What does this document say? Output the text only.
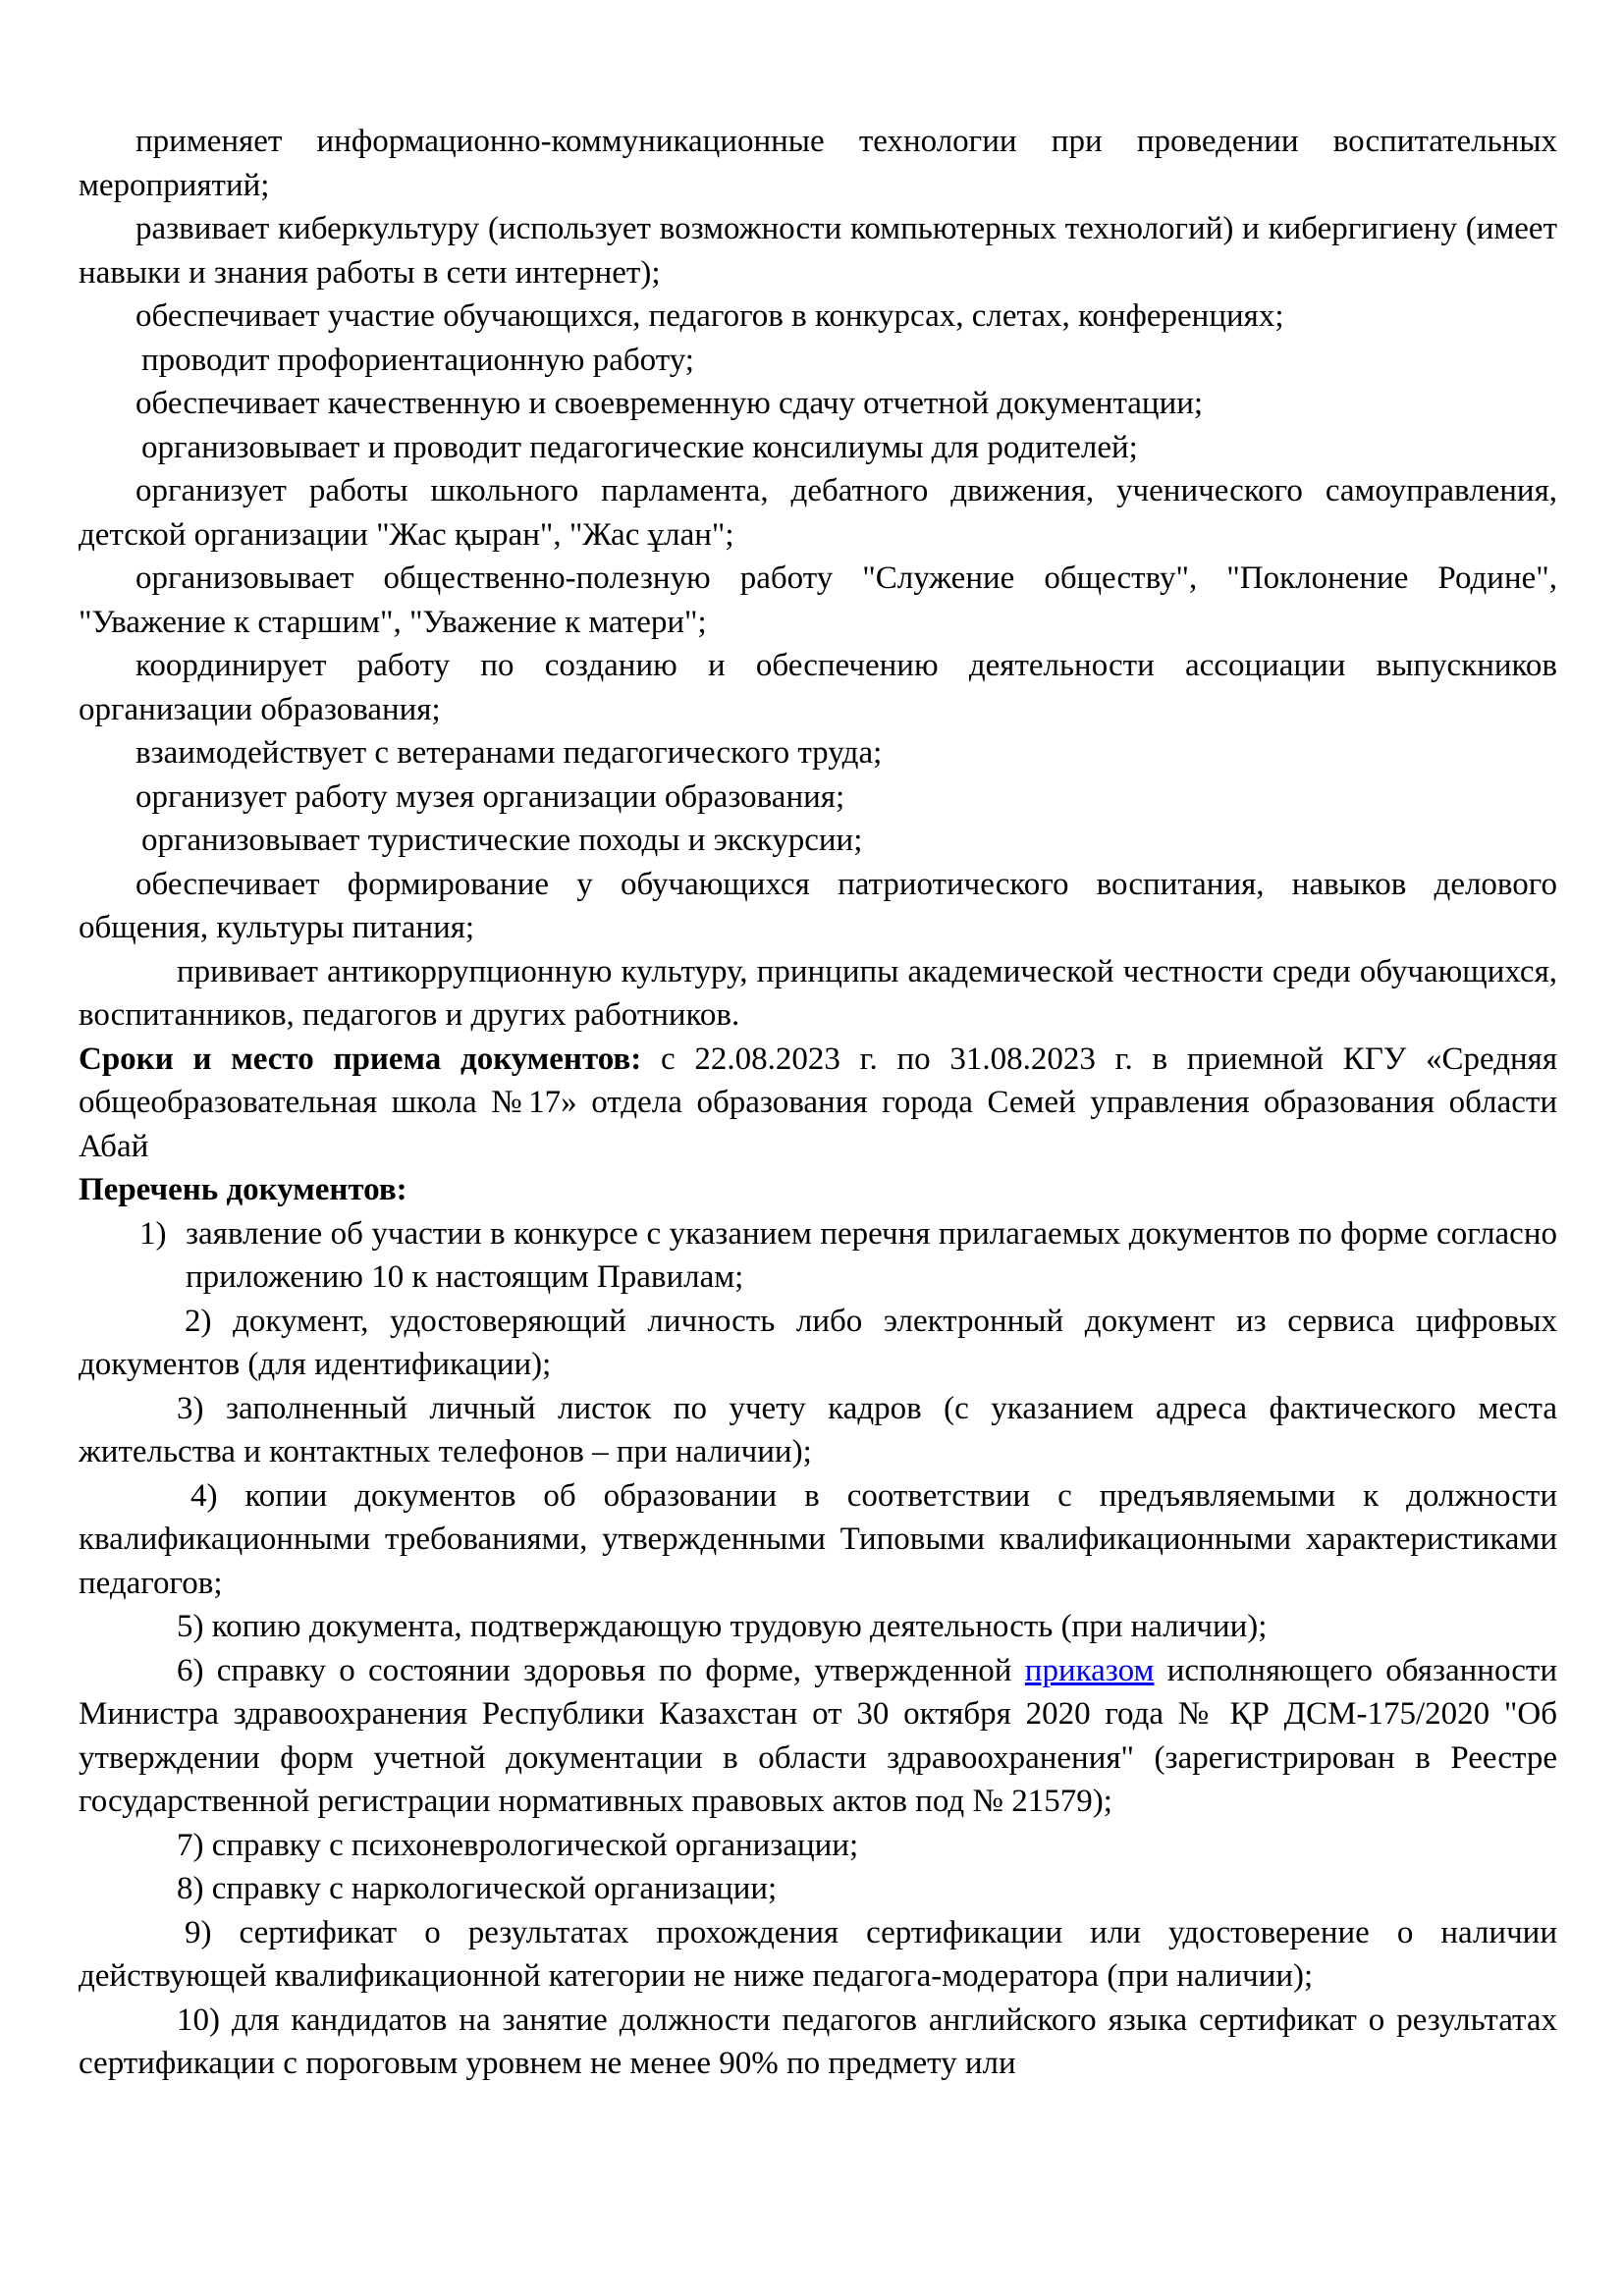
применяет информационно-коммуникационные технологии при проведении воспитательных мероприятий;

развивает киберкультуру (использует возможности компьютерных технологий) и кибергигиену (имеет навыки и знания работы в сети интернет);

обеспечивает участие обучающихся, педагогов в конкурсах, слетах, конференциях;

проводит профориентационную работу;

обеспечивает качественную и своевременную сдачу отчетной документации;

организовывает и проводит педагогические консилиумы для родителей;

организует работы школьного парламента, дебатного движения, ученического самоуправления, детской организации "Жас қыран", "Жас ұлан";

организовывает общественно-полезную работу "Служение обществу", "Поклонение Родине", "Уважение к старшим", "Уважение к матери";

координирует работу по созданию и обеспечению деятельности ассоциации выпускников организации образования;

взаимодействует с ветеранами педагогического труда;

организует работу музея организации образования;

организовывает туристические походы и экскурсии;

обеспечивает формирование у обучающихся патриотического воспитания, навыков делового общения, культуры питания;

прививает антикоррупционную культуру, принципы академической честности среди обучающихся, воспитанников, педагогов и других работников.

Сроки и место приема документов: с 22.08.2023 г. по 31.08.2023 г. в приемной КГУ «Средняя общеобразовательная школа №17» отдела образования города Семей управления образования области Абай

Перечень документов:

1) заявление об участии в конкурсе с указанием перечня прилагаемых документов по форме согласно приложению 10 к настоящим Правилам;

2) документ, удостоверяющий личность либо электронный документ из сервиса цифровых документов (для идентификации);

3) заполненный личный листок по учету кадров (с указанием адреса фактического места жительства и контактных телефонов – при наличии);

4) копии документов об образовании в соответствии с предъявляемыми к должности квалификационными требованиями, утвержденными Типовыми квалификационными характеристиками педагогов;

5) копию документа, подтверждающую трудовую деятельность (при наличии);

6) справку о состоянии здоровья по форме, утвержденной приказом исполняющего обязанности Министра здравоохранения Республики Казахстан от 30 октября 2020 года № ҚР ДСМ-175/2020 "Об утверждении форм учетной документации в области здравоохранения" (зарегистрирован в Реестре государственной регистрации нормативных правовых актов под № 21579);

7) справку с психоневрологической организации;

8) справку с наркологической организации;

9) сертификат о результатах прохождения сертификации или удостоверение о наличии действующей квалификационной категории не ниже педагога-модератора (при наличии);

10) для кандидатов на занятие должности педагогов английского языка сертификат о результатах сертификации с пороговым уровнем не менее 90% по предмету или
